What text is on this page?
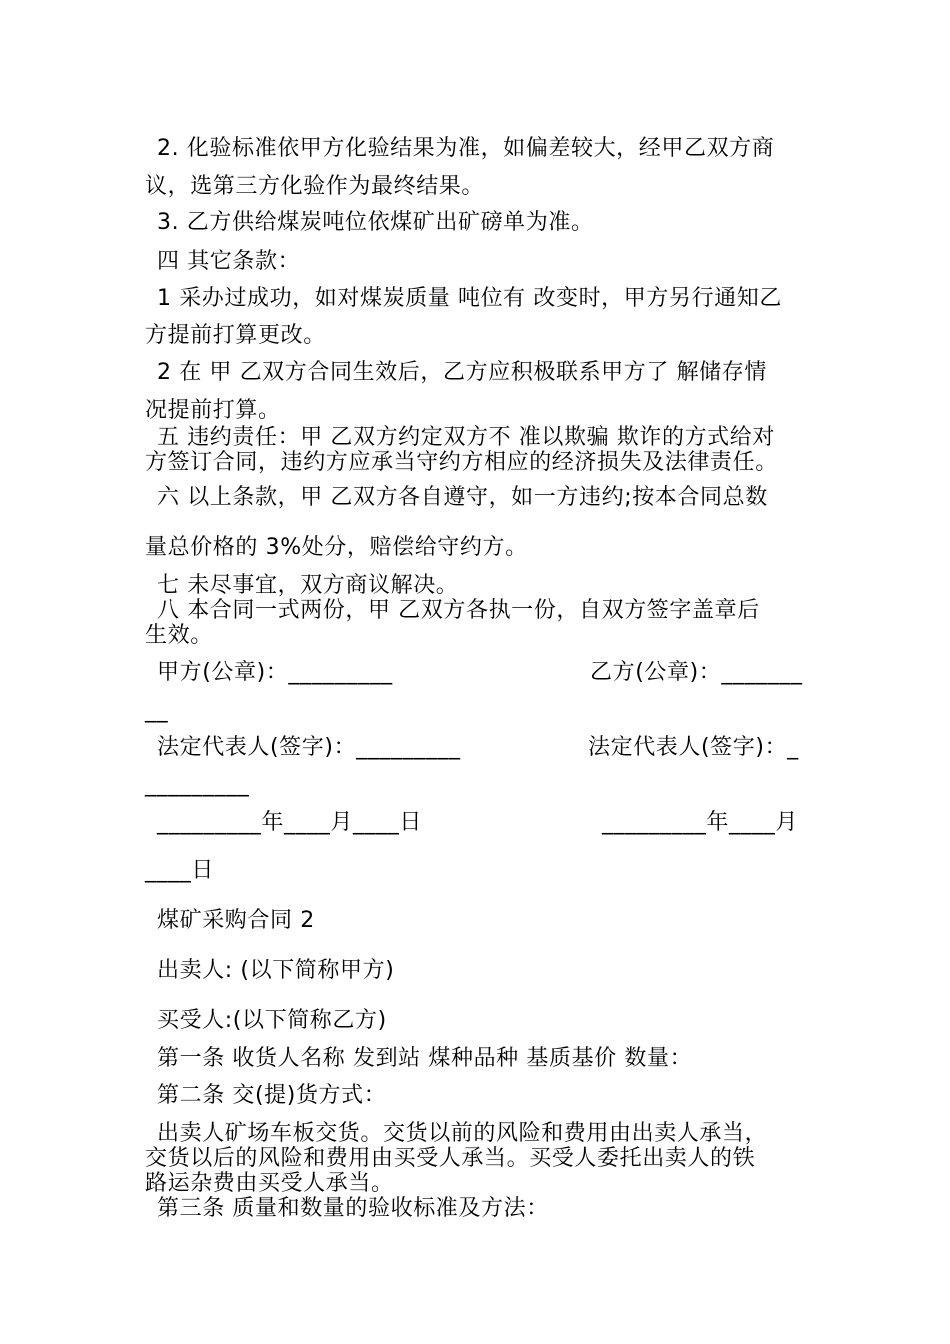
2. 化验标准依甲方化验结果为准，如偏差较大，经甲乙双方商
议，选第三方化验作为最终结果。
3. 乙方供给煤炭吨位依煤矿出矿磅单为准。
四 其它条款：
1 采办过成功，如对煤炭质量 吨位有 改变时，甲方另行通知乙
方提前打算更改。
2 在 甲 乙双方合同生效后，乙方应积极联系甲方了 解储存情
况提前打算。
五 违约责任：甲 乙双方约定双方不 准以欺骗 欺诈的方式给对
方签订合同，违约方应承当守约方相应的经济损失及法律责任。
六 以上条款，甲 乙双方各自遵守，如一方违约;按本合同总数
量总价格的 3%处分，赔偿给守约方。
七 未尽事宜，双方商议解决。
八 本合同一式两份，甲 乙双方各执一份，自双方签字盖章后
生效。
甲方(公章)：_________	乙方(公章)：_______
__
法定代表人(签字)：_________	法定代表人(签字)：_
_________
_________年____月____日	_________年____月
____日
煤矿采购合同 2
出卖人: (以下简称甲方)
买受人:(以下简称乙方)
第一条 收货人名称 发到站 煤种品种 基质基价 数量：
第二条 交(提)货方式：
出卖人矿场车板交货。交货以前的风险和费用由出卖人承当，
交货以后的风险和费用由买受人承当。买受人委托出卖人的铁
路运杂费由买受人承当。
第三条 质量和数量的验收标准及方法：
